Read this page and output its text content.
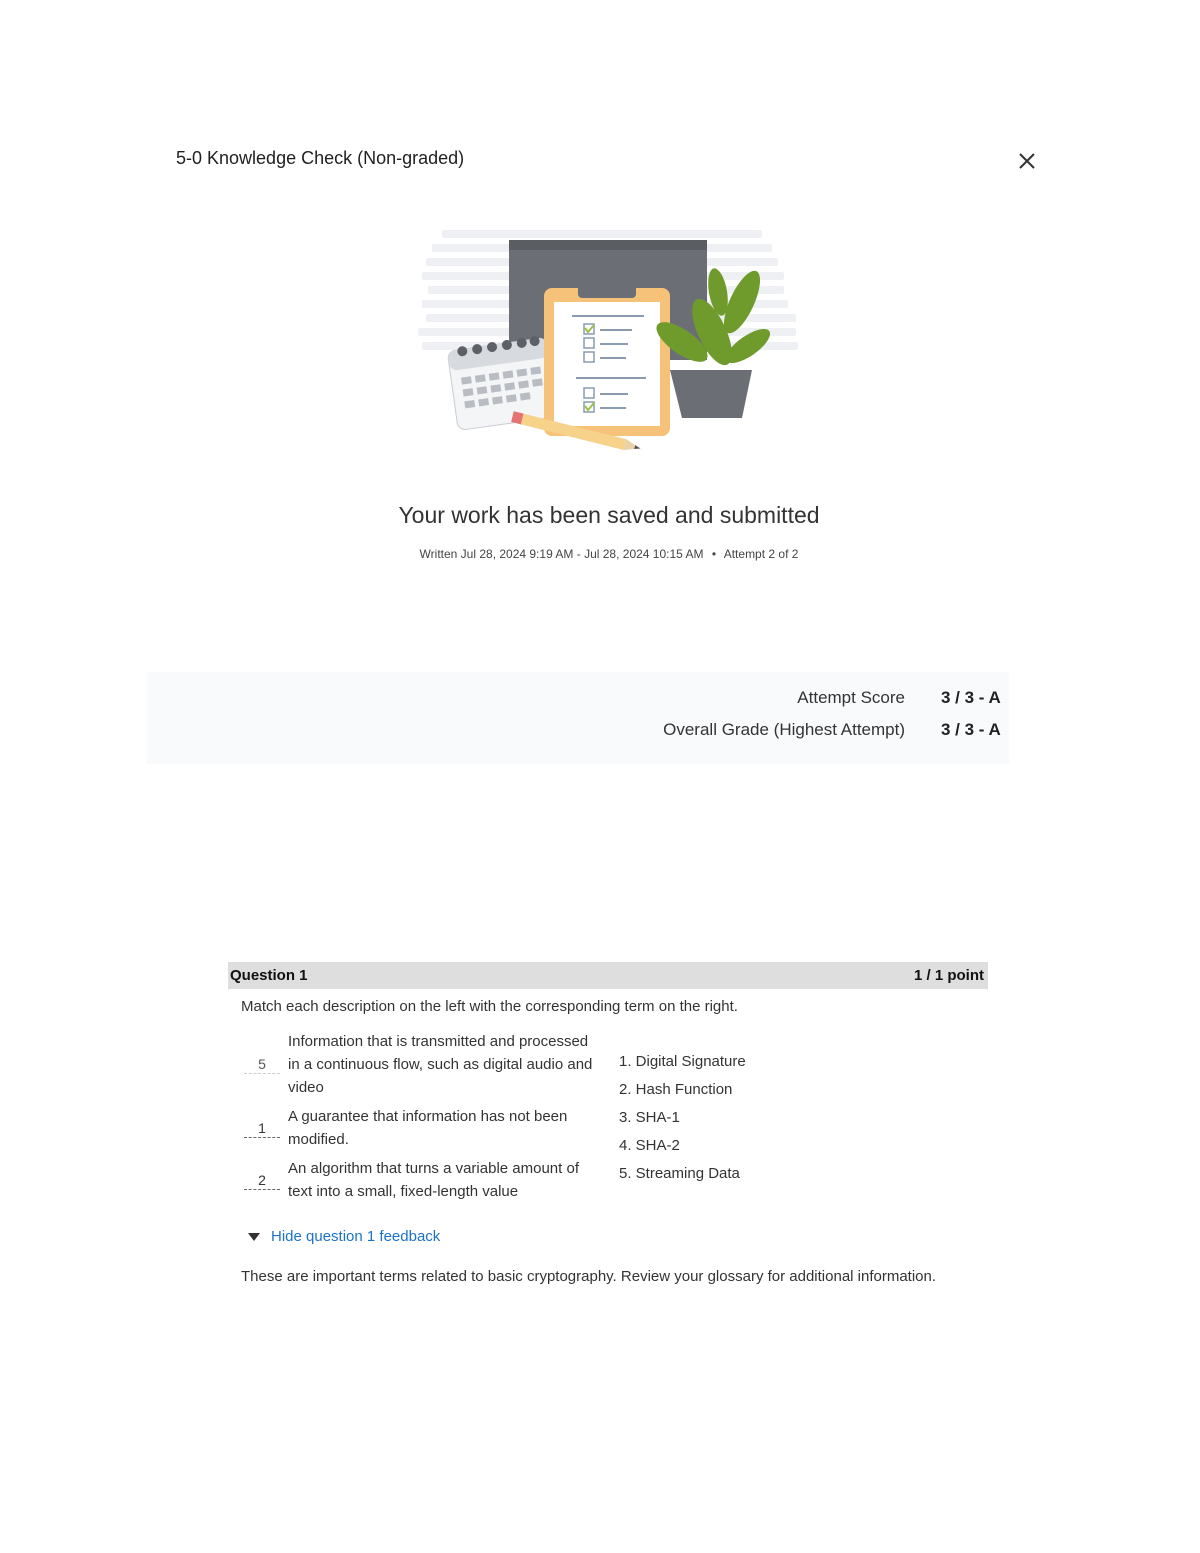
5-0 Knowledge Check (Non-graded)
Your work has been saved and submitted
Written Jul 28, 2024 9:19 AM - Jul 28, 2024 10:15 AM • Attempt 2 of 2
Attempt Score 3 / 3 - A
Overall Grade (Highest Attempt) 3 / 3 - A
Question 1	1 / 1 point
Match each description on the left with the corresponding term on the right.
5
Information that is transmitted and processed in a continuous flow, such as digital audio and video
1
A guarantee that information has not been modified.
2
An algorithm that turns a variable amount of text into a small, fixed-length value
1. Digital Signature
2. Hash Function
3. SHA-1
4. SHA-2
5. Streaming Data
Hide question 1 feedback
These are important terms related to basic cryptography. Review your glossary for additional information.
